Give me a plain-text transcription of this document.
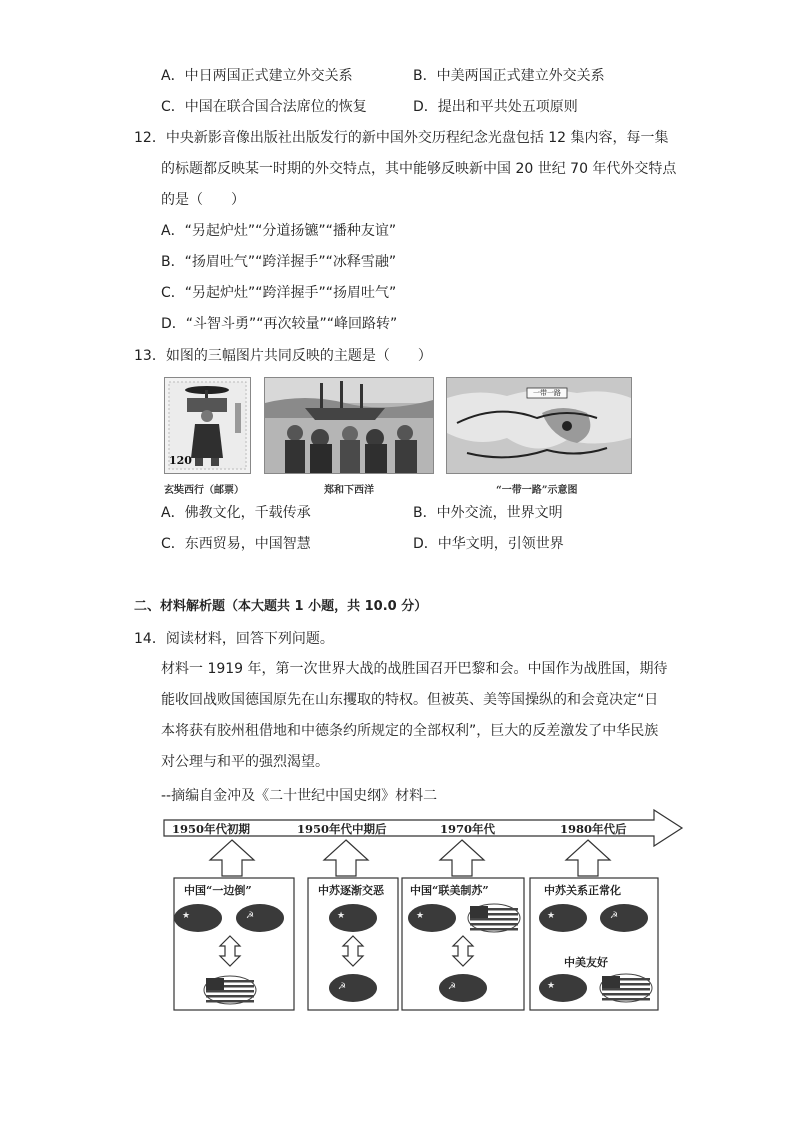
A．中日两国正式建立外交关系	B．中美两国正式建立外交关系
C．中国在联合国合法席位的恢复	D．提出和平共处五项原则
12．中央新影音像出版社出版发行的新中国外交历程纪念光盘包括 12 集内容，每一集
的标题都反映某一时期的外交特点，其中能够反映新中国 20 世纪 70 年代外交特点
的是（　　）
A．“另起炉灶”“分道扬镳”“播种友谊”
B．“扬眉吐气”“跨洋握手”“冰释雪融”
C．“另起炉灶”“跨洋握手”“扬眉吐气”
D．“斗智斗勇”“再次较量”“峰回路转”
13．如图的三幅图片共同反映的主题是（　　）
120
一带一路
玄奘西行（邮票）	郑和下西洋	“一带一路”示意图
A．佛教文化，千载传承	B．中外交流，世界文明
C．东西贸易，中国智慧	D．中华文明，引领世界
二、材料解析题（本大题共 1 小题，共 10.0 分）
14．阅读材料，回答下列问题。
材料一 1919 年，第一次世界大战的战胜国召开巴黎和会。中国作为战胜国，期待
能收回战败国德国原先在山东攫取的特权。但被英、美等国操纵的和会竟决定“日
本将获有胶州租借地和中德条约所规定的全部权利”，巨大的反差激发了中华民族
对公理与和平的强烈渴望。
--摘编自金冲及《二十世纪中国史纲》材料二
1950年代初期	1950年代中期后	1970年代	1980年代后
中国“一边倒”	中苏逐渐交恶 中国“联美制苏”	中苏关系正常化
中美友好
★	☭	★
☭
★
☭
★	☭
★
